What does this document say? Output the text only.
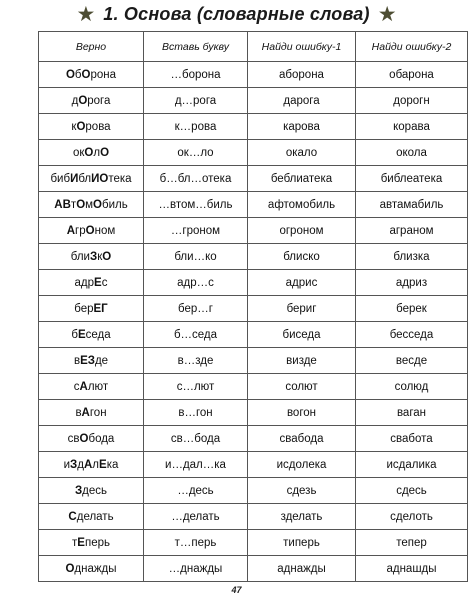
★ 1. Основа (словарные слова) ★
Верно	Вставь букву	Найди ошибку-1	Найди ошибку-2
ОбОрона	…борона	аборона	обарона
дОрога	д…рога	дарога	дорогн
кОрова	к…рова	карова	корава
окОлО	ок…ло	окало	окола
бибИблИОтека	б…бл…отека	беблиатека	библеатека
АВтОмОбиль	…втом…биль	афтомобиль	автамабиль
АгрОном	…гроном	огроном	аграном
блиЗкО	бли…ко	блиско	близка
адрЕс	адр…с	адрис	адриз
берЕГ	бер…г	бериг	берек
бЕседа	б…седа	биседа	бесседа
вЕЗде	в…зде	визде	весде
сАлют	с…лют	солют	солюд
вАгон	в…гон	вогон	ваган
свОбода	св…бода	свабода	свабота
иЗдАлЕка	и…дал…ка	исдолека	исдалика
Здесь	…десь	сдезь	сдесь
Сделать	…делать	зделать	сделоть
тЕперь	т…перь	типерь	тепер
Однажды	…днажды	аднажды	аднашды
47
